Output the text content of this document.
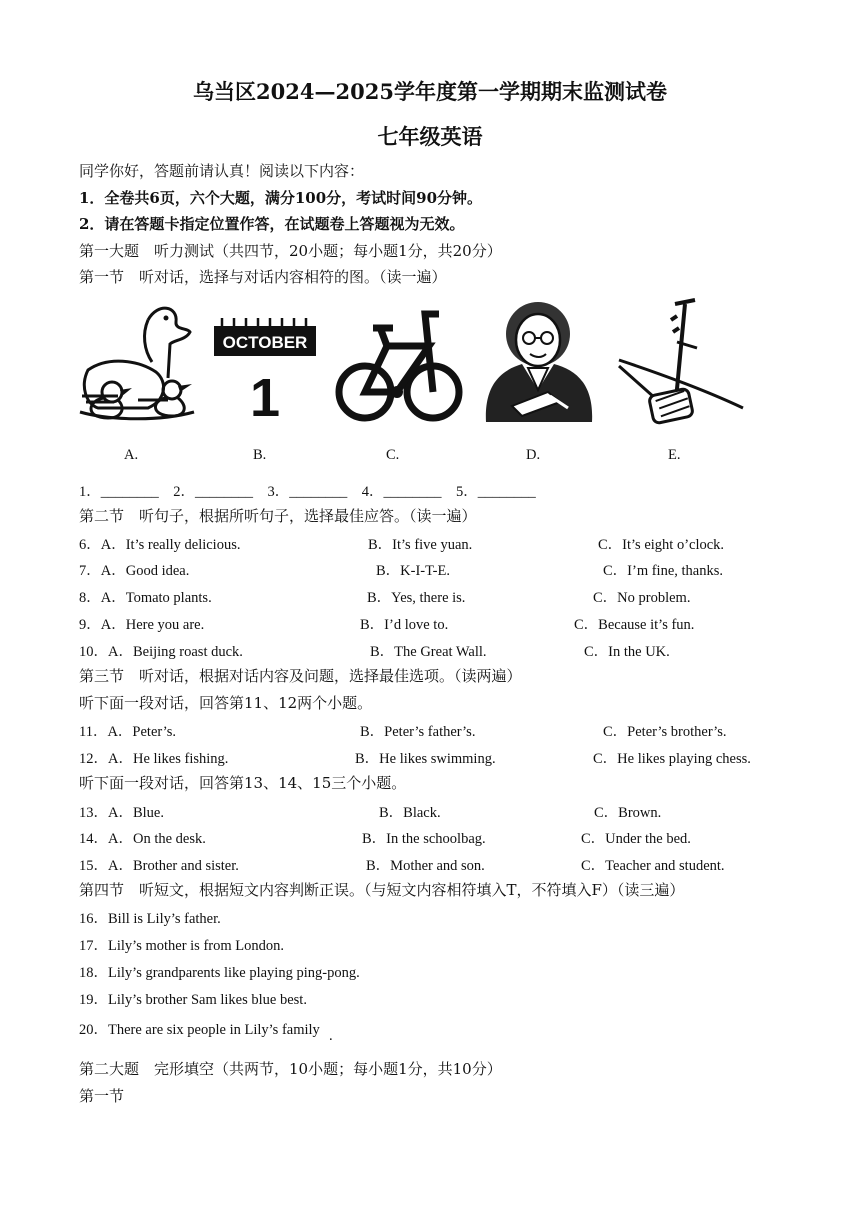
乌当区2024—2025学年度第一学期期末监测试卷
七年级英语
同学你好，答题前请认真！阅读以下内容：
1．全卷共6页，六个大题，满分100分，考试时间90分钟。
2．请在答题卡指定位置作答，在试题卷上答题视为无效。
第一大题　听力测试（共四节，20小题；每小题1分，共20分）
第一节　听对话，选择与对话内容相符的图。（读一遍）
OCTOBER
1
A.	B.	C.	D.	E.
1．________　2．________　3．________　4．________　5．________
第二节　听句子，根据所听句子，选择最佳应答。（读一遍）
6．A．It’s really delicious.	B．It’s five yuan.	C．It’s eight o’clock.
7．A．Good idea.	B．K-I-T-E.	C．I’m fine, thanks.
8．A．Tomato plants.	B．Yes, there is.	C．No problem.
9．A．Here you are.	B．I’d love to.	C．Because it’s fun.
10．A．Beijing roast duck.	B．The Great Wall.	C．In the UK.
第三节　听对话，根据对话内容及问题，选择最佳选项。（读两遍）
听下面一段对话，回答第11、12两个小题。
11．A．Peter’s.	B．Peter’s father’s.	C．Peter’s brother’s.
12．A．He likes fishing.	B．He likes swimming.	C．He likes playing chess.
听下面一段对话，回答第13、14、15三个小题。
13．A．Blue.	B．Black.	C．Brown.
14．A．On the desk.	B．In the schoolbag.	C．Under the bed.
15．A．Brother and sister.	B．Mother and son.	C．Teacher and student.
第四节　听短文，根据短文内容判断正误。（与短文内容相符填入T，不符填入F）（读三遍）
16．Bill is Lily’s father.
17．Lily’s mother is from London.
18．Lily’s grandparents like playing ping-pong.
19．Lily’s brother Sam likes blue best.
20．There are six people in Lily’s family .
第二大题　完形填空（共两节，10小题；每小题1分，共10分）
第一节
